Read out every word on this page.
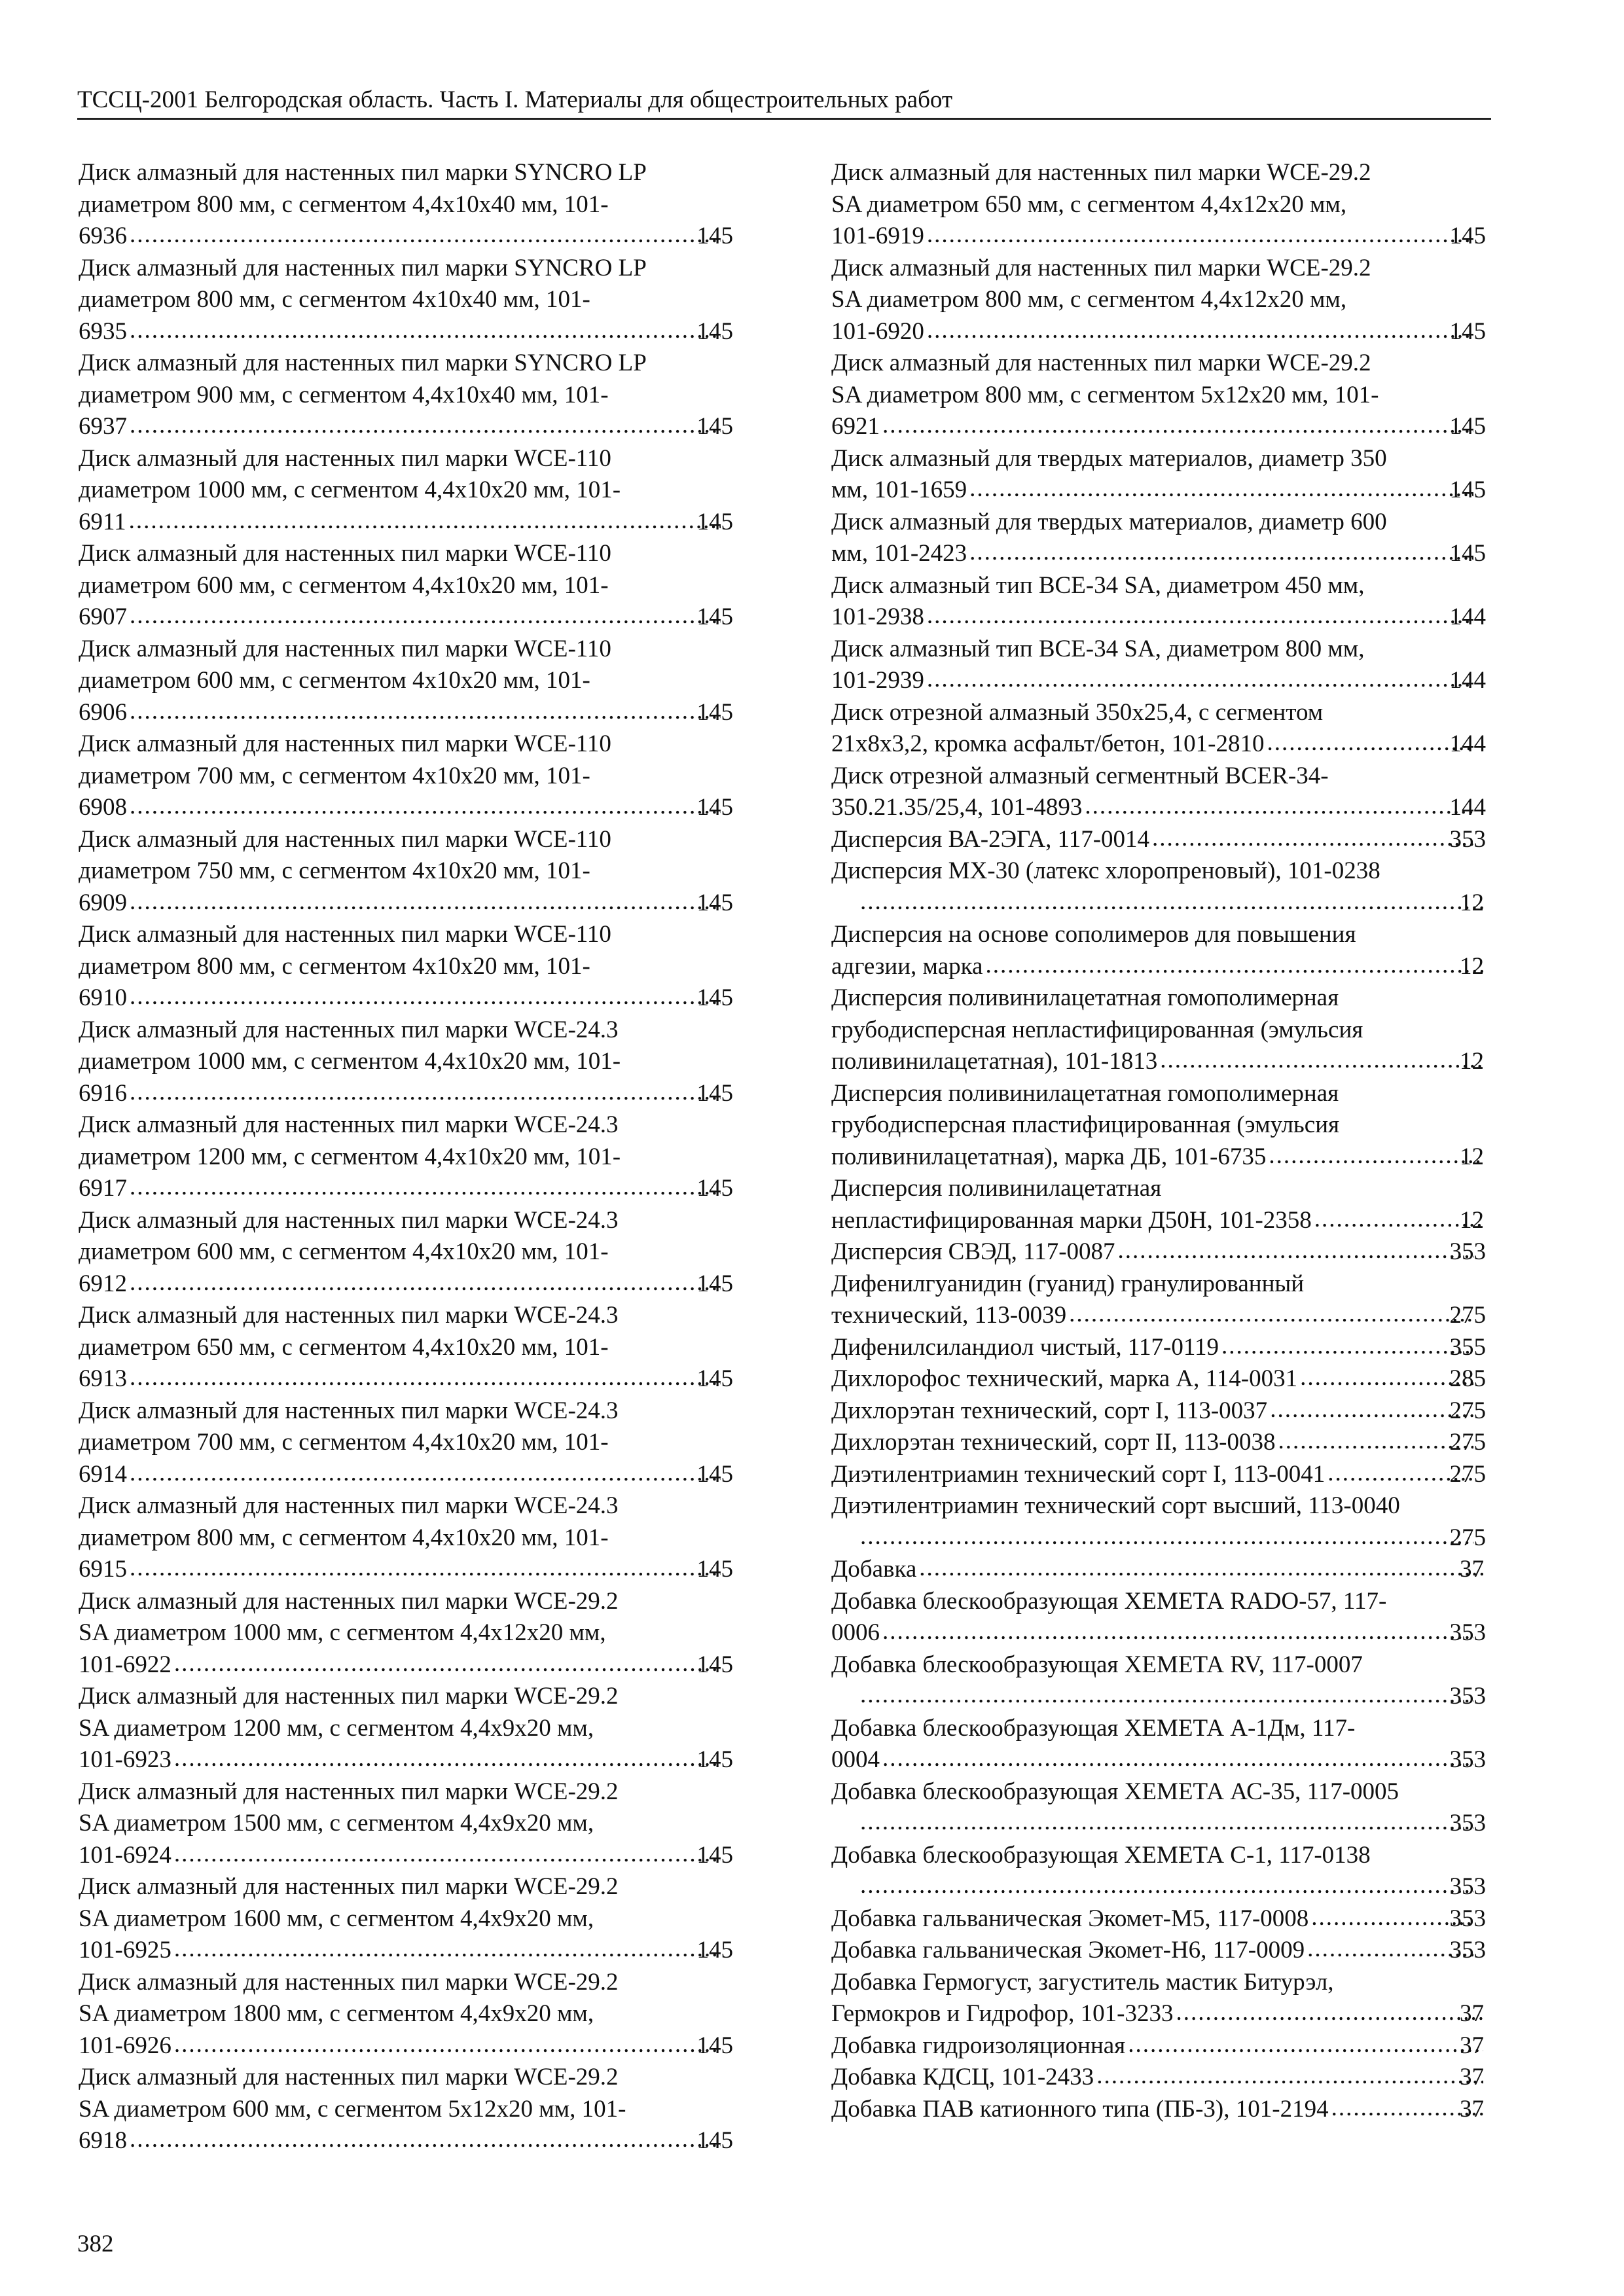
ТССЦ-2001 Белгородская область. Часть I. Материалы для общестроительных работ
Диск алмазный для настенных пил марки SYNCRO LP
диаметром 800 мм, с сегментом 4,4x10x40 мм, 101-
6936 .....	145
Диск алмазный для настенных пил марки SYNCRO LP
диаметром 800 мм, с сегментом 4x10x40 мм, 101-
6935 .....	145
Диск алмазный для настенных пил марки SYNCRO LP
диаметром 900 мм, с сегментом 4,4x10x40 мм, 101-
6937 .....	145
Диск алмазный для настенных пил марки WCE-110
диаметром 1000 мм, с сегментом 4,4x10x20 мм, 101-
6911 .....	145
Диск алмазный для настенных пил марки WCE-110
диаметром 600 мм, с сегментом 4,4x10x20 мм, 101-
6907 .....	145
Диск алмазный для настенных пил марки WCE-110
диаметром 600 мм, с сегментом 4x10x20 мм, 101-
6906 .....	145
Диск алмазный для настенных пил марки WCE-110
диаметром 700 мм, с сегментом 4x10x20 мм, 101-
6908 .....	145
Диск алмазный для настенных пил марки WCE-110
диаметром 750 мм, с сегментом 4x10x20 мм, 101-
6909 .....	145
Диск алмазный для настенных пил марки WCE-110
диаметром 800 мм, с сегментом 4x10x20 мм, 101-
6910 .....	145
Диск алмазный для настенных пил марки WCE-24.3
диаметром 1000 мм, с сегментом 4,4x10x20 мм, 101-
6916 .....	145
Диск алмазный для настенных пил марки WCE-24.3
диаметром 1200 мм, с сегментом 4,4x10x20 мм, 101-
6917 .....	145
Диск алмазный для настенных пил марки WCE-24.3
диаметром 600 мм, с сегментом 4,4x10x20 мм, 101-
6912 .....	145
Диск алмазный для настенных пил марки WCE-24.3
диаметром 650 мм, с сегментом 4,4x10x20 мм, 101-
6913 .....	145
Диск алмазный для настенных пил марки WCE-24.3
диаметром 700 мм, с сегментом 4,4x10x20 мм, 101-
6914 .....	145
Диск алмазный для настенных пил марки WCE-24.3
диаметром 800 мм, с сегментом 4,4x10x20 мм, 101-
6915 .....	145
Диск алмазный для настенных пил марки WCE-29.2
SA диаметром 1000 мм, с сегментом 4,4x12x20 мм,
101-6922 .....	145
Диск алмазный для настенных пил марки WCE-29.2
SA диаметром 1200 мм, с сегментом 4,4x9x20 мм,
101-6923 .....	145
Диск алмазный для настенных пил марки WCE-29.2
SA диаметром 1500 мм, с сегментом 4,4x9x20 мм,
101-6924 .....	145
Диск алмазный для настенных пил марки WCE-29.2
SA диаметром 1600 мм, с сегментом 4,4x9x20 мм,
101-6925 .....	145
Диск алмазный для настенных пил марки WCE-29.2
SA диаметром 1800 мм, с сегментом 4,4x9x20 мм,
101-6926 .....	145
Диск алмазный для настенных пил марки WCE-29.2
SA диаметром 600 мм, с сегментом 5x12x20 мм, 101-
6918 .....	145
Диск алмазный для настенных пил марки WCE-29.2
SA диаметром 650 мм, с сегментом 4,4x12x20 мм,
101-6919 .....	145
Диск алмазный для настенных пил марки WCE-29.2
SA диаметром 800 мм, с сегментом 4,4x12x20 мм,
101-6920 .....	145
Диск алмазный для настенных пил марки WCE-29.2
SA диаметром 800 мм, с сегментом 5x12x20 мм, 101-
6921 .....	145
Диск алмазный для твердых материалов, диаметр 350
мм, 101-1659 .....	145
Диск алмазный для твердых материалов, диаметр 600
мм, 101-2423 .....	145
Диск алмазный тип BCE-34 SA, диаметром 450 мм,
101-2938 .....	144
Диск алмазный тип BCE-34 SA, диаметром 800 мм,
101-2939 .....	144
Диск отрезной алмазный 350x25,4, с сегментом
21x8x3,2, кромка асфальт/бетон, 101-2810 .....	144
Диск отрезной алмазный сегментный BCER-34-
350.21.35/25,4, 101-4893 .....	144
Дисперсия ВА-2ЭГА, 117-0014 .....	353
Дисперсия МХ-30 (латекс хлоропреновый), 101-0238
.....
12
Дисперсия на основе сополимеров для повышения
адгезии, марка .....	12
Дисперсия поливинилацетатная гомополимерная
грубодисперсная непластифицированная (эмульсия
поливинилацетатная), 101-1813 .....	12
Дисперсия поливинилацетатная гомополимерная
грубодисперсная пластифицированная (эмульсия
поливинилацетатная), марка ДБ, 101-6735 .....	12
Дисперсия поливинилацетатная
непластифицированная марки Д50Н, 101-2358 .....	12
Дисперсия СВЭД, 117-0087 .....	353
Дифенилгуанидин (гуанид) гранулированный
технический, 113-0039 .....	275
Дифенилсиландиол чистый, 117-0119 .....	355
Дихлорофос технический, марка А, 114-0031 .....	285
Дихлорэтан технический, сорт I, 113-0037 .....	275
Дихлорэтан технический, сорт II, 113-0038 .....	275
Диэтилентриамин технический сорт I, 113-0041 .....	275
Диэтилентриамин технический сорт высший, 113-0040
.....
275
Добавка .....	37
Добавка блескообразующая ХЕМЕТА RADO-57, 117-
0006 .....	353
Добавка блескообразующая ХЕМЕТА RV, 117-0007
.....
353
Добавка блескообразующая ХЕМЕТА А-1Дм, 117-
0004 .....	353
Добавка блескообразующая ХЕМЕТА АС-35, 117-0005
.....
353
Добавка блескообразующая ХЕМЕТА С-1, 117-0138
.....
353
Добавка гальваническая Экомет-М5, 117-0008 .....	353
Добавка гальваническая Экомет-Н6, 117-0009 .....	353
Добавка Гермогуст, загуститель мастик Битурэл,
Гермокров и Гидрофор, 101-3233 .....	37
Добавка гидроизоляционная .....	37
Добавка КДСЦ, 101-2433 .....	37
Добавка ПАВ катионного типа (ПБ-3), 101-2194 .....	37
382
